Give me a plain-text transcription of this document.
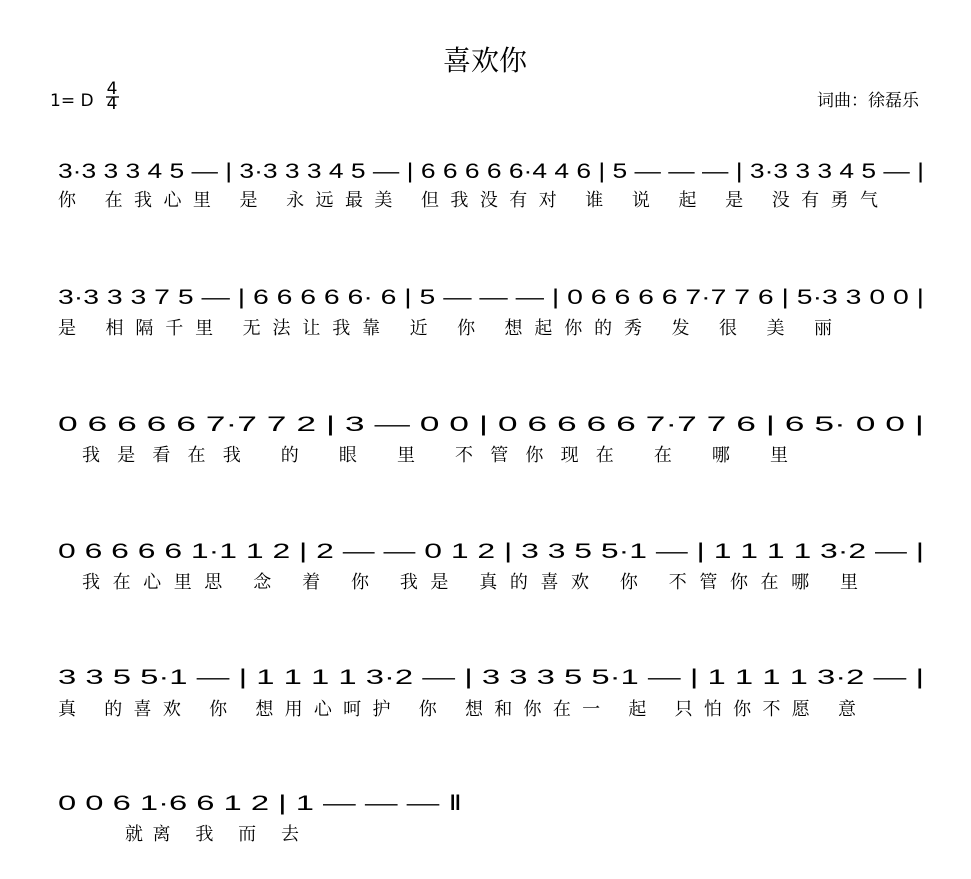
喜欢你
1= D
4
4	词曲：徐磊乐
3·3 3 3 4 5 — | 3·3 3 3 4 5 — | 6 6 6 6 6·4 4 6 | 5 — — — | 3·3 3 3 4 5 — |
你 在我心里 是 永远最美 但我没有对 谁 说 起 是 没有勇气
3·3 3 3 7 5 — | 6 6 6 6 6· 6 | 5 — — — | 0 6 6 6 6 7·7 7 6 | 5·3 3 0 0 |
是 相隔千里 无法让我靠 近 你 想起你的秀 发 很 美 丽
0 6 6 6 6 7·7 7 2 | 3 — 0 0 | 0 6 6 6 6 7·7 7 6 | 6 5· 0 0 |
我是看在我 的 眼 里 不管你现在 在 哪 里
0 6 6 6 6 1·1 1 2 | 2 — — 0 1 2 | 3 3 5 5·1 — | 1 1 1 1 3·2 — |
我在心里思 念 着 你 我是 真的喜欢 你 不管你在哪 里
3 3 5 5·1 — | 1 1 1 1 3·2 — | 3 3 3 5 5·1 — | 1 1 1 1 3·2 — |
真 的喜欢 你 想用心呵护 你 想和你在一 起 只怕你不愿 意
0 0 6 1·6 6 1 2 | 1 — — — ‖
就离 我 而 去
